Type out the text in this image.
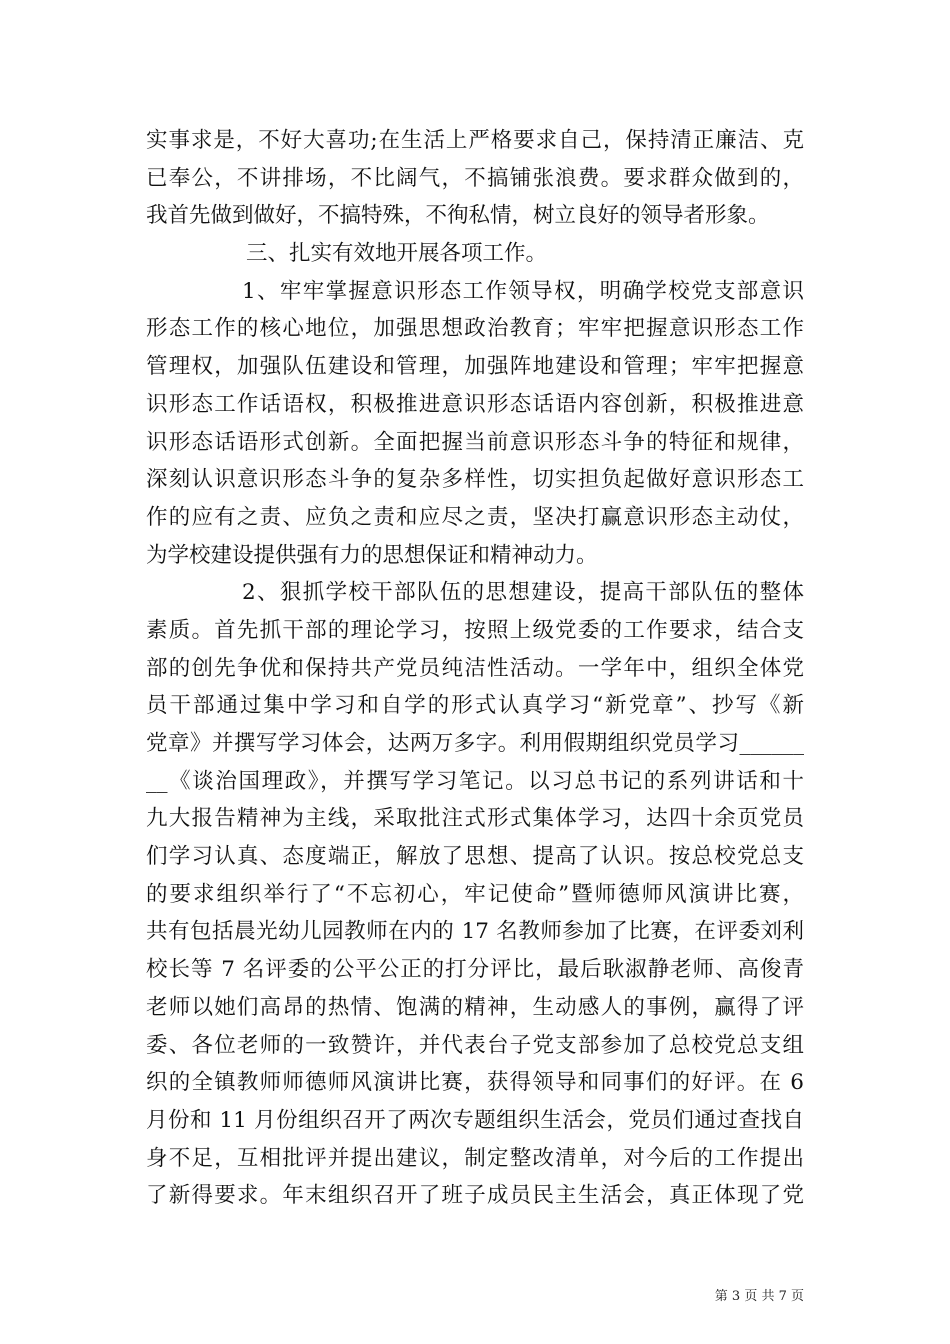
实事求是，不好大喜功;在生活上严格要求自己，保持清正廉洁、克
已奉公，不讲排场，不比阔气，不搞铺张浪费。要求群众做到的，
我首先做到做好，不搞特殊，不徇私情，树立良好的领导者形象。
三、扎实有效地开展各项工作。
1、牢牢掌握意识形态工作领导权，明确学校党支部意识
形态工作的核心地位，加强思想政治教育；牢牢把握意识形态工作
管理权，加强队伍建设和管理，加强阵地建设和管理；牢牢把握意
识形态工作话语权，积极推进意识形态话语内容创新，积极推进意
识形态话语形式创新。全面把握当前意识形态斗争的特征和规律，
深刻认识意识形态斗争的复杂多样性，切实担负起做好意识形态工
作的应有之责、应负之责和应尽之责，坚决打赢意识形态主动仗，
为学校建设提供强有力的思想保证和精神动力。
2、狠抓学校干部队伍的思想建设，提高干部队伍的整体
素质。首先抓干部的理论学习，按照上级党委的工作要求，结合支
部的创先争优和保持共产党员纯洁性活动。一学年中，组织全体党
员干部通过集中学习和自学的形式认真学习“新党章”、抄写《新
党章》并撰写学习体会，达两万多字。利用假期组织党员学习______
__《谈治国理政》，并撰写学习笔记。以习总书记的系列讲话和十
九大报告精神为主线，采取批注式形式集体学习，达四十余页党员
们学习认真、态度端正，解放了思想、提高了认识。按总校党总支
的要求组织举行了“不忘初心，牢记使命”暨师德师风演讲比赛，
共有包括晨光幼儿园教师在内的 17 名教师参加了比赛，在评委刘利
校长等 7 名评委的公平公正的打分评比，最后耿淑静老师、高俊青
老师以她们高昂的热情、饱满的精神，生动感人的事例，赢得了评
委、各位老师的一致赞许，并代表台子党支部参加了总校党总支组
织的全镇教师师德师风演讲比赛，获得领导和同事们的好评。在 6
月份和 11 月份组织召开了两次专题组织生活会，党员们通过查找自
身不足，互相批评并提出建议，制定整改清单，对今后的工作提出
了新得要求。年末组织召开了班子成员民主生活会，真正体现了党
第 3 页 共 7 页
